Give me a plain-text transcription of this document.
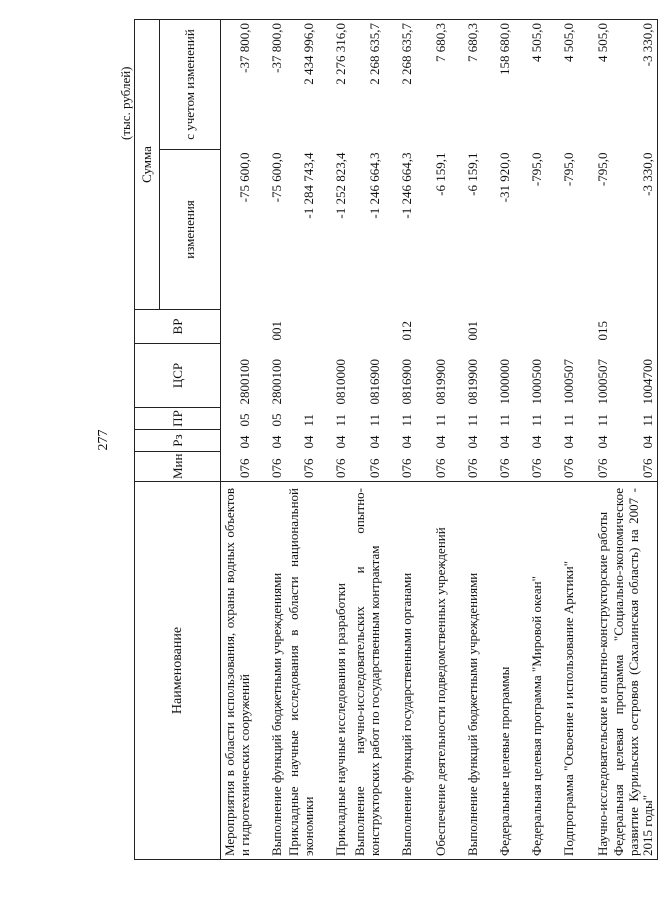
277
(тыс. рублей)
Наименование	Мин	Рз	ПР	ЦСР	ВР	Сумма	
						изменения	с учетом изменений
Мероприятия в области использования, охраны водных объектов и гидротехнических сооружений	076	04	05	2800100		-75 600,0	-37 800,0
Выполнение функций бюджетными учреждениями	076	04	05	2800100	001	-75 600,0	-37 800,0
Прикладные научные исследования в области национальной экономики	076	04	11			-1 284 743,4	2 434 996,0
Прикладные научные исследования и разработки	076	04	11	0810000		-1 252 823,4	2 276 316,0
Выполнение научно-исследовательских и опытно-конструкторских работ по государственным контрактам	076	04	11	0816900		-1 246 664,3	2 268 635,7
Выполнение функций государственными органами	076	04	11	0816900	012	-1 246 664,3	2 268 635,7
Обеспечение деятельности подведомственных учреждений	076	04	11	0819900		-6 159,1	7 680,3
Выполнение функций бюджетными учреждениями	076	04	11	0819900	001	-6 159,1	7 680,3
Федеральные целевые программы	076	04	11	1000000		-31 920,0	158 680,0
Федеральная целевая программа "Мировой океан"	076	04	11	1000500		-795,0	4 505,0
Подпрограмма "Освоение и использование Арктики"	076	04	11	1000507		-795,0	4 505,0
Научно-исследовательские и опытно-конструкторские работы	076	04	11	1000507	015	-795,0	4 505,0
Федеральная целевая программа "Социально-экономическое развитие Курильских островов (Сахалинская область) на 2007 - 2015 годы"	076	04	11	1004700		-3 330,0	-3 330,0
